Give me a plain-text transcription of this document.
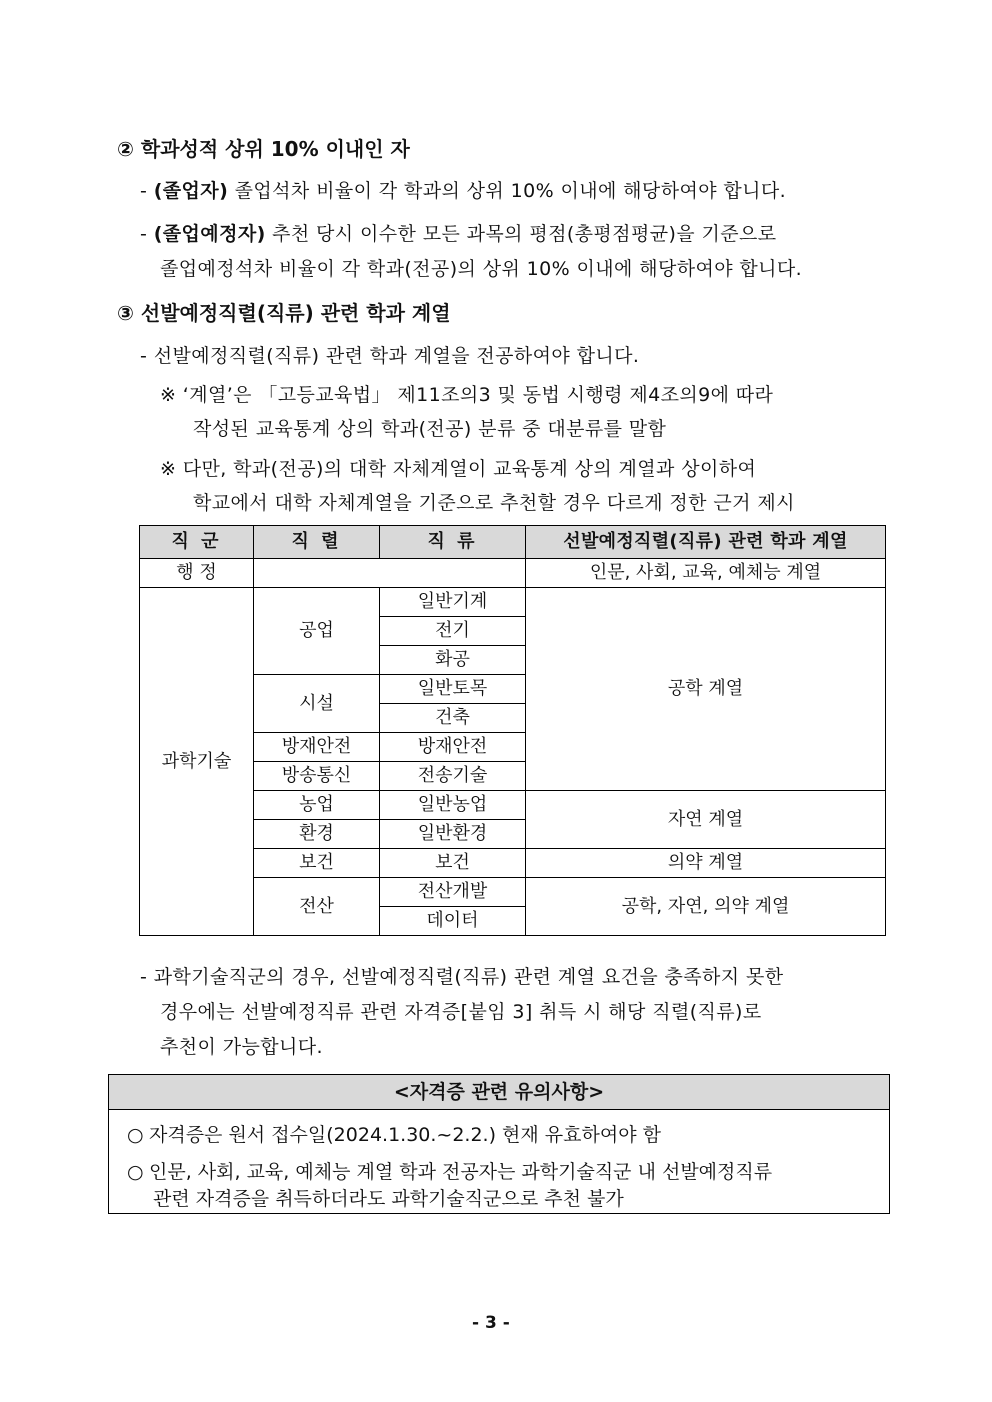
② 학과성적 상위 10% 이내인 자
- (졸업자) 졸업석차 비율이 각 학과의 상위 10% 이내에 해당하여야 합니다.
- (졸업예정자) 추천 당시 이수한 모든 과목의 평점(총평점평균)을 기준으로
졸업예정석차 비율이 각 학과(전공)의 상위 10% 이내에 해당하여야 합니다.
③ 선발예정직렬(직류) 관련 학과 계열
- 선발예정직렬(직류) 관련 학과 계열을 전공하여야 합니다.
※ ‘계열’은 「고등교육법」 제11조의3 및 동법 시행령 제4조의9에 따라
작성된 교육통계 상의 학과(전공) 분류 중 대분류를 말함
※ 다만, 학과(전공)의 대학 자체계열이 교육통계 상의 계열과 상이하여
학교에서 대학 자체계열을 기준으로 추천할 경우 다르게 정한 근거 제시
직 군	직 렬	직 류	선발예정직렬(직류) 관련 학과 계열
행 정			인문, 사회, 교육, 예체능 계열
과학기술	공업	일반기계	공학 계열
		전기	
		화공	
	시설	일반토목	
		건축	
	방재안전	방재안전	
	방송통신	전송기술	
	농업	일반농업	자연 계열
	환경	일반환경	
	보건	보건	의약 계열
	전산	전산개발	공학, 자연, 의약 계열
		데이터	
- 과학기술직군의 경우, 선발예정직렬(직류) 관련 계열 요건을 충족하지 못한
경우에는 선발예정직류 관련 자격증[붙임 3] 취득 시 해당 직렬(직류)로
추천이 가능합니다.
<자격증 관련 유의사항>
○ 자격증은 원서 접수일(2024.1.30.~2.2.) 현재 유효하여야 함
○ 인문, 사회, 교육, 예체능 계열 학과 전공자는 과학기술직군 내 선발예정직류
관련 자격증을 취득하더라도 과학기술직군으로 추천 불가
- 3 -
